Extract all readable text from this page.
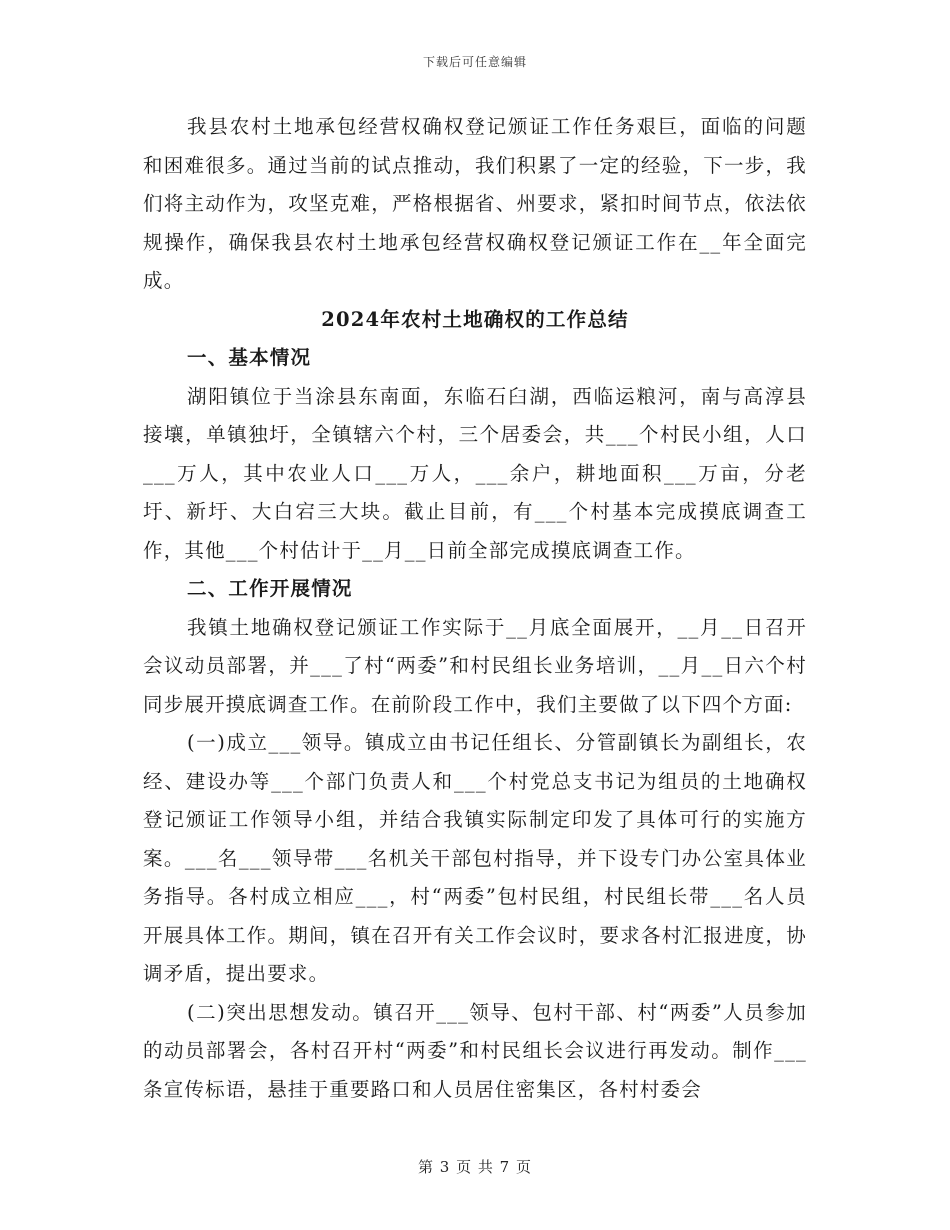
下载后可任意编辑

我县农村土地承包经营权确权登记颁证工作任务艰巨，面临的问题和困难很多。通过当前的试点推动，我们积累了一定的经验，下一步，我们将主动作为，攻坚克难，严格根据省、州要求，紧扣时间节点，依法依规操作，确保我县农村土地承包经营权确权登记颁证工作在__年全面完成。

2024年农村土地确权的工作总结

一、基本情况

湖阳镇位于当涂县东南面，东临石臼湖，西临运粮河，南与高淳县接壤，单镇独圩，全镇辖六个村，三个居委会，共___个村民小组，人口___万人，其中农业人口___万人，___余户，耕地面积___万亩，分老圩、新圩、大白宕三大块。截止目前，有___个村基本完成摸底调查工作，其他___个村估计于__月__日前全部完成摸底调查工作。

二、工作开展情况

我镇土地确权登记颁证工作实际于__月底全面展开，__月__日召开会议动员部署，并___了村“两委”和村民组长业务培训，__月__日六个村同步展开摸底调查工作。在前阶段工作中，我们主要做了以下四个方面:

(一)成立___领导。镇成立由书记任组长、分管副镇长为副组长，农经、建设办等___个部门负责人和___个村党总支书记为组员的土地确权登记颁证工作领导小组，并结合我镇实际制定印发了具体可行的实施方案。___名___领导带___名机关干部包村指导，并下设专门办公室具体业务指导。各村成立相应___，村“两委”包村民组，村民组长带___名人员开展具体工作。期间，镇在召开有关工作会议时，要求各村汇报进度，协调矛盾，提出要求。

(二)突出思想发动。镇召开___领导、包村干部、村“两委”人员参加的动员部署会，各村召开村“两委”和村民组长会议进行再发动。制作___条宣传标语，悬挂于重要路口和人员居住密集区，各村村委会

第 3 页 共 7 页
